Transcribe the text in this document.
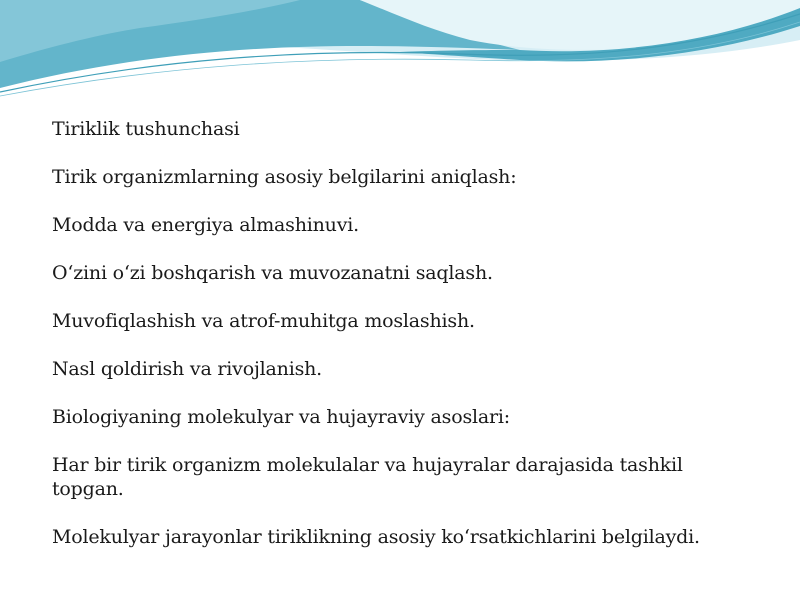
Tiriklik tushunchasi

Tirik organizmlarning asosiy belgilarini aniqlash:

Modda va energiya almashinuvi.

O‘zini o‘zi boshqarish va muvozanatni saqlash.

Muvofiqlashish va atrof-muhitga moslashish.

Nasl qoldirish va rivojlanish.

Biologiyaning molekulyar va hujayraviy asoslari:

Har bir tirik organizm molekulalar va hujayralar darajasida tashkil topgan.

Molekulyar jarayonlar tiriklikning asosiy ko‘rsatkichlarini belgilaydi.
